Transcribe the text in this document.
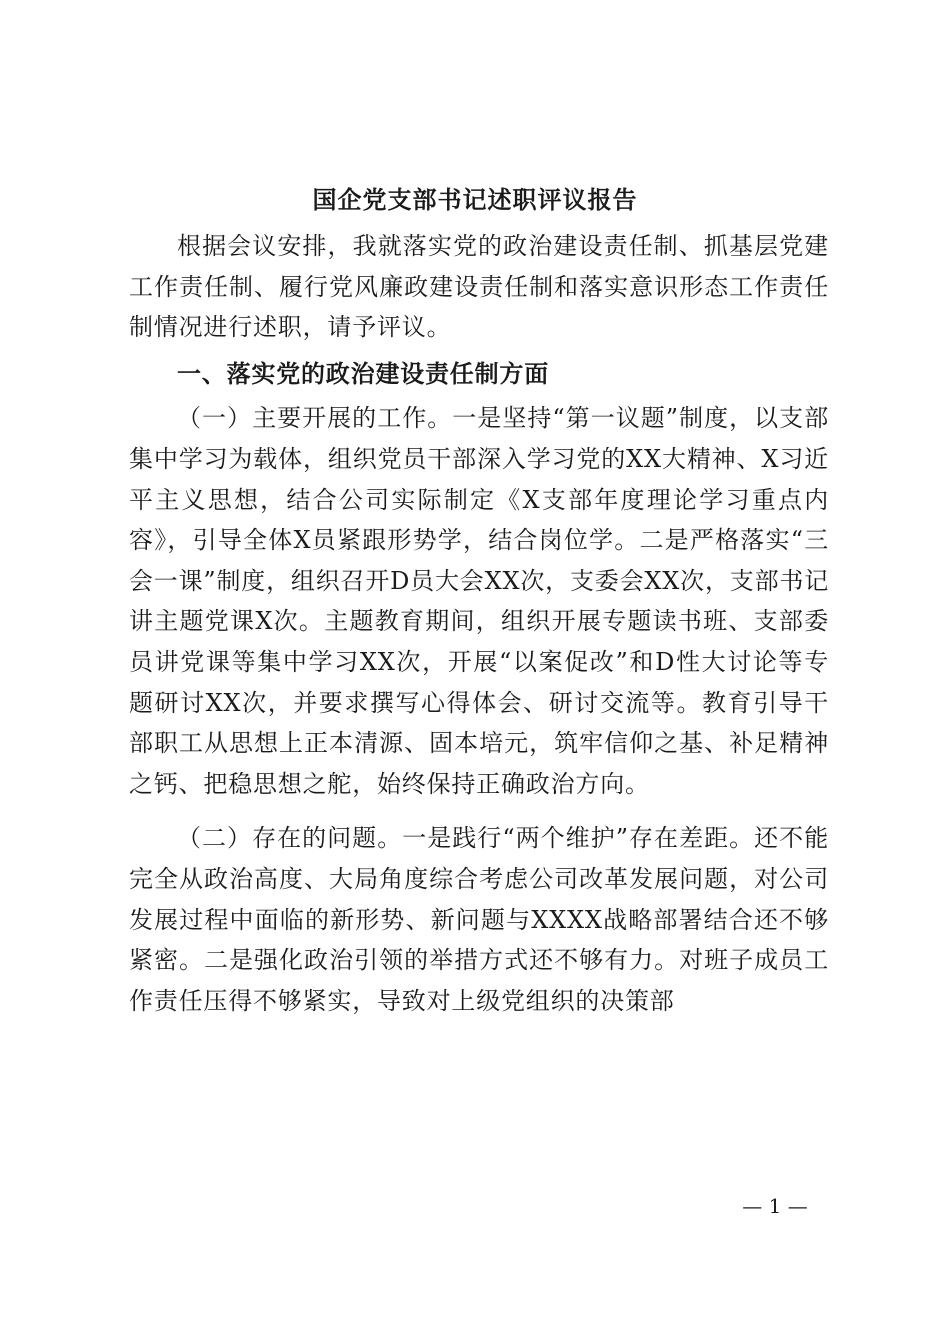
国企党支部书记述职评议报告

根据会议安排，我就落实党的政治建设责任制、抓基层党建工作责任制、履行党风廉政建设责任制和落实意识形态工作责任制情况进行述职，请予评议。

一、落实党的政治建设责任制方面

（一）主要开展的工作。一是坚持“第一议题”制度，以支部集中学习为载体，组织党员干部深入学习党的XX大精神、X习近平主义思想，结合公司实际制定《X支部年度理论学习重点内容》，引导全体X员紧跟形势学，结合岗位学。二是严格落实“三会一课”制度，组织召开D员大会XX次，支委会XX次，支部书记讲主题党课X次。主题教育期间，组织开展专题读书班、支部委员讲党课等集中学习XX次，开展“以案促改”和D性大讨论等专题研讨XX次，并要求撰写心得体会、研讨交流等。教育引导干部职工从思想上正本清源、固本培元，筑牢信仰之基、补足精神之钙、把稳思想之舵，始终保持正确政治方向。

（二）存在的问题。一是践行“两个维护”存在差距。还不能完全从政治高度、大局角度综合考虑公司改革发展问题，对公司发展过程中面临的新形势、新问题与XXXX战略部署结合还不够紧密。二是强化政治引领的举措方式还不够有力。对班子成员工作责任压得不够紧实，导致对上级党组织的决策部

— 1 —
